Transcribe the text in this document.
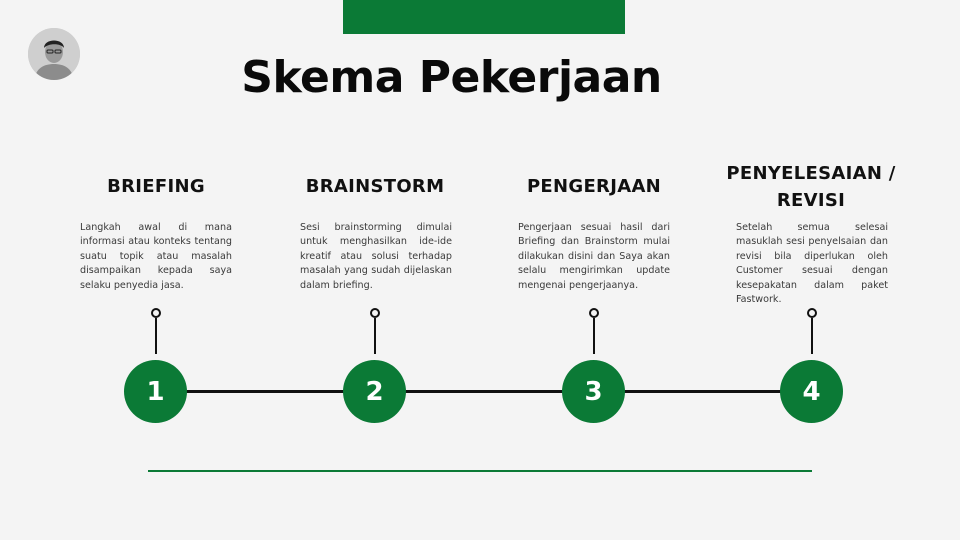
Skema Pekerjaan
BRIEFING

Langkah awal di mana informasi atau konteks tentang suatu topik atau masalah disampaikan kepada saya selaku penyedia jasa.

BRAINSTORM

Sesi brainstorming dimulai untuk menghasilkan ide-ide kreatif atau solusi terhadap masalah yang sudah dijelaskan dalam briefing.

PENGERJAAN

Pengerjaan sesuai hasil dari Briefing dan Brainstorm mulai dilakukan disini dan Saya akan selalu mengirimkan update mengenai pengerjaanya.

PENYELESAIAN / REVISI

Setelah semua selesai masuklah sesi penyelsaian dan revisi bila diperlukan oleh Customer sesuai dengan kesepakatan dalam paket Fastwork.

1	2	3	4
